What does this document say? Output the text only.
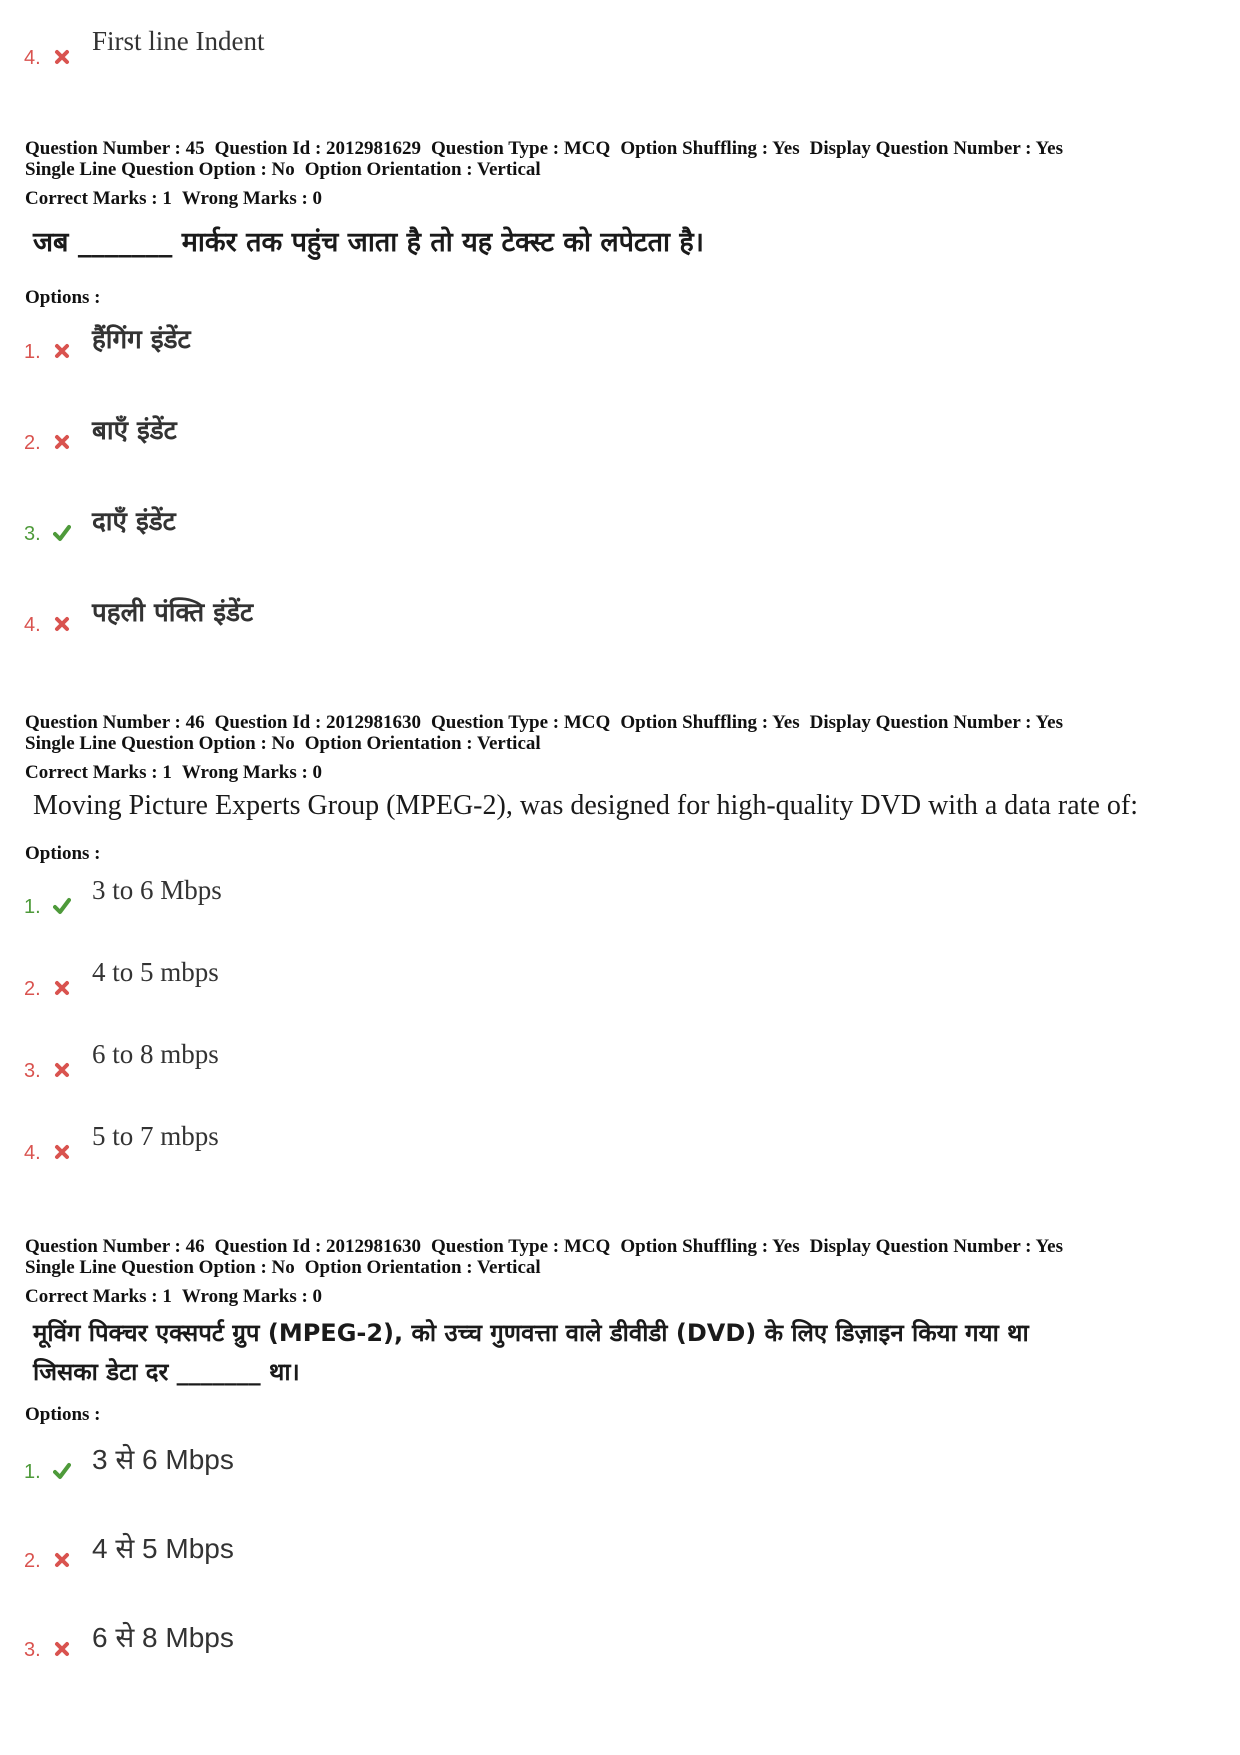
4.
First line Indent
Question Number : 45 Question Id : 2012981629 Question Type : MCQ Option Shuffling : Yes Display Question Number : Yes
Single Line Question Option : No Option Orientation : Vertical
Correct Marks : 1 Wrong Marks : 0
जब _______ मार्कर तक पहुंच जाता है तो यह टेक्स्ट को लपेटता है।
Options :
1. हैंगिंग इंडेंट
2. बाएँ इंडेंट
3. दाएँ इंडेंट
4. पहली पंक्ति इंडेंट
Question Number : 46 Question Id : 2012981630 Question Type : MCQ Option Shuffling : Yes Display Question Number : Yes
Single Line Question Option : No Option Orientation : Vertical
Correct Marks : 1 Wrong Marks : 0
Moving Picture Experts Group (MPEG-2), was designed for high-quality DVD with a data rate of:
Options :
1.
3 to 6 Mbps
2.
4 to 5 mbps
3.
6 to 8 mbps
4.
5 to 7 mbps
Question Number : 46 Question Id : 2012981630 Question Type : MCQ Option Shuffling : Yes Display Question Number : Yes
Single Line Question Option : No Option Orientation : Vertical
Correct Marks : 1 Wrong Marks : 0
मूविंग पिक्चर एक्सपर्ट ग्रुप (MPEG-2), को उच्च गुणवत्ता वाले डीवीडी (DVD) के लिए डिज़ाइन किया गया था
जिसका डेटा दर _______ था।
Options :
1. 3 से 6 Mbps
2. 4 से 5 Mbps
3. 6 से 8 Mbps
